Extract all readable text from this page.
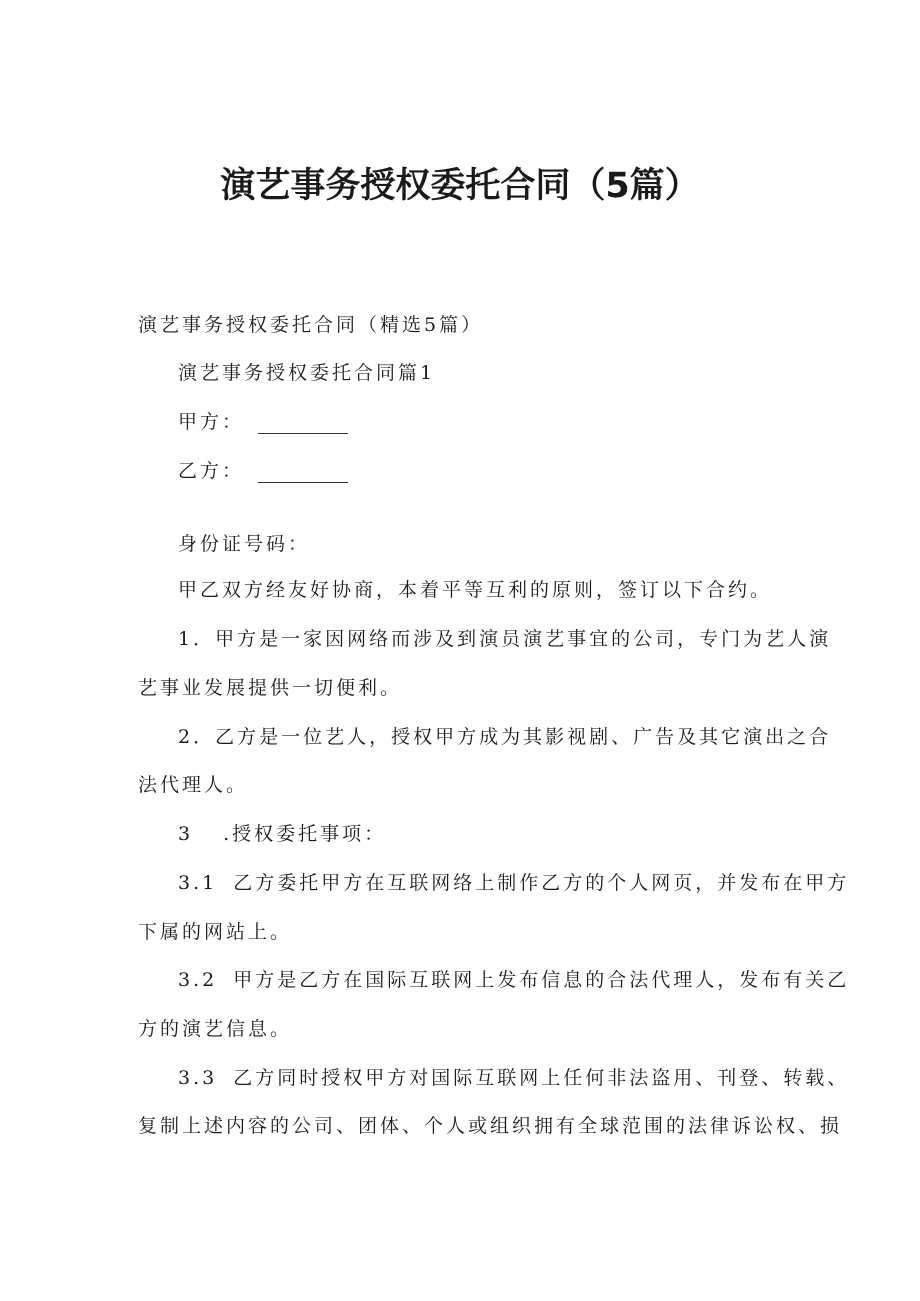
演艺事务授权委托合同（5篇）

演艺事务授权委托合同（精选5篇）

演艺事务授权委托合同篇1

甲方：

乙方：

身份证号码：

甲乙双方经友好协商，本着平等互利的原则，签订以下合约。

1．甲方是一家因网络而涉及到演员演艺事宜的公司，专门为艺人演

艺事业发展提供一切便利。

2．乙方是一位艺人，授权甲方成为其影视剧、广告及其它演出之合

法代理人。

3 .授权委托事项：

3.1 乙方委托甲方在互联网络上制作乙方的个人网页，并发布在甲方

下属的网站上。

3.2 甲方是乙方在国际互联网上发布信息的合法代理人，发布有关乙

方的演艺信息。

3.3 乙方同时授权甲方对国际互联网上任何非法盗用、刊登、转载、

复制上述内容的公司、团体、个人或组织拥有全球范围的法律诉讼权、损
